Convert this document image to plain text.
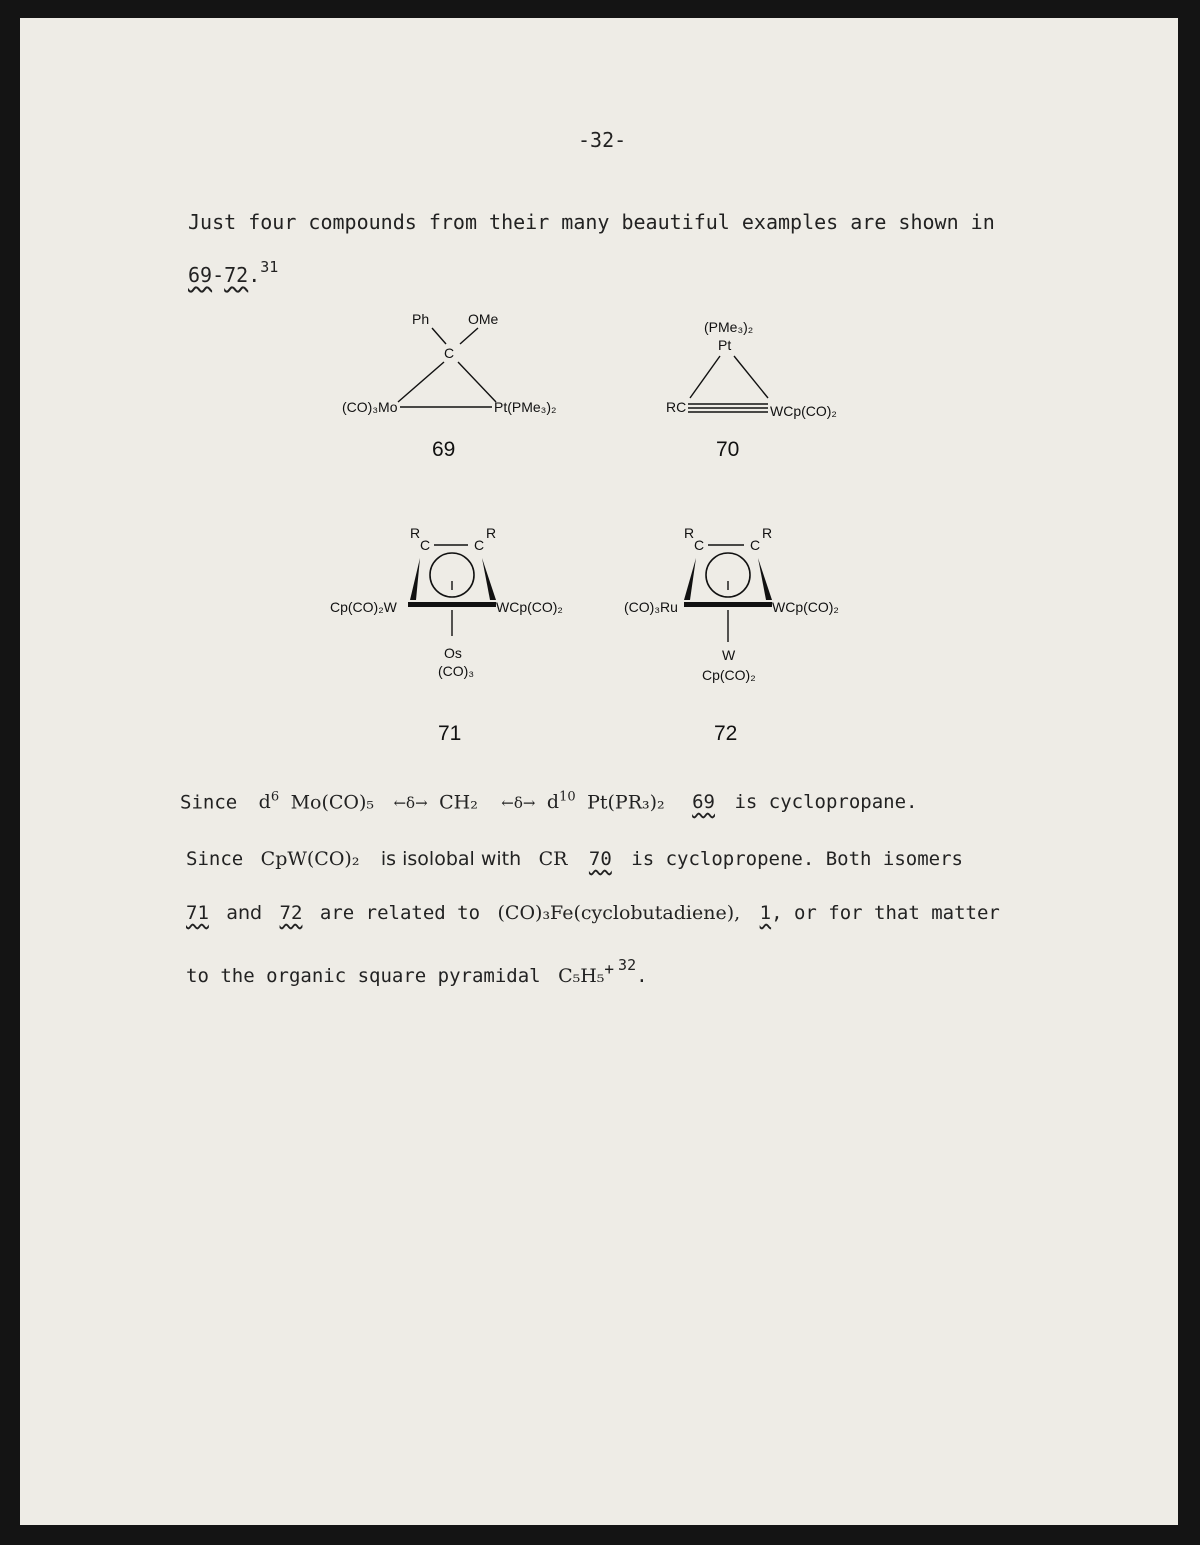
-32-
Just four compounds from their many beautiful examples are shown in
69-72.31
Ph	OMe
C
(CO)₃Mo	Pt(PMe₃)₂
69
(PMe₃)₂
Pt
RC	WCp(CO)₂
70
R
C	C
R
Cp(CO)₂W	WCp(CO)₂
Os
(CO)₃
71
R
C	C
R
(CO)₃Ru	WCp(CO)₂
W
Cp(CO)₂
72
Since $d^6$ Mo(CO)₅ ←δ→ CH₂ ←δ→ $d^{10}$ Pt(PR₃)₂ 69 is cyclopropane.
Since CpW(CO)₂ is isolobal with CR 70 is cyclopropene. Both isomers
71 and 72 are related to (CO)₃Fe(cyclobutadiene), 1, or for that matter
to the organic square pyramidal C₅H₅+ $^{32}$.
